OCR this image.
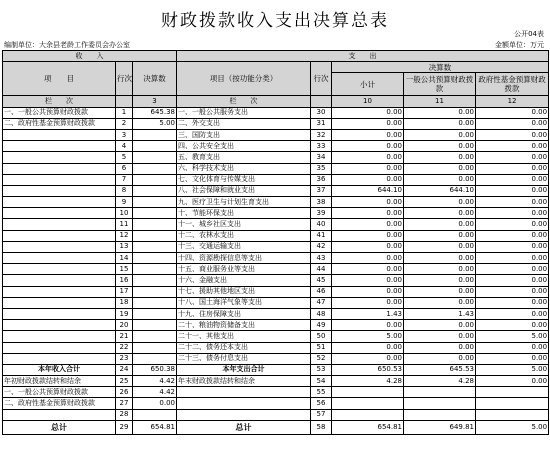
财政拨款收入支出决算总表
公开04表
编制单位：大余县老龄工作委员会办公室	金额单位：万元
收　　入			支　　出				
项　　目	行次	决算数	项目（按功能分类）	行次	决算数		
					小计	一般公共预算财政拨款	政府性基金预算财政拨款
栏　　次		3	栏　　次		10	11	12
一、一般公共预算财政拨款	1	645.38	一、一般公共服务支出	30	0.00	0.00	0.00
二、政府性基金预算财政拨款	2	5.00	二、外交支出	31	0.00	0.00	0.00
	3		三、国防支出	32	0.00	0.00	0.00
	4		四、公共安全支出	33	0.00	0.00	0.00
	5		五、教育支出	34	0.00	0.00	0.00
	6		六、科学技术支出	35	0.00	0.00	0.00
	7		七、文化体育与传媒支出	36	0.00	0.00	0.00
	8		八、社会保障和就业支出	37	644.10	644.10	0.00
	9		九、医疗卫生与计划生育支出	38	0.00	0.00	0.00
	10		十、节能环保支出	39	0.00	0.00	0.00
	11		十一、城乡社区支出	40	0.00	0.00	0.00
	12		十二、农林水支出	41	0.00	0.00	0.00
	13		十三、交通运输支出	42	0.00	0.00	0.00
	14		十四、资源勘探信息等支出	43	0.00	0.00	0.00
	15		十五、商业服务业等支出	44	0.00	0.00	0.00
	16		十六、金融支出	45	0.00	0.00	0.00
	17		十七、援助其他地区支出	46	0.00	0.00	0.00
	18		十八、国土海洋气象等支出	47	0.00	0.00	0.00
	19		十九、住房保障支出	48	1.43	1.43	0.00
	20		二十、粮油物资储备支出	49	0.00	0.00	0.00
	21		二十一、其他支出	50	5.00	0.00	5.00
	22		二十二、债务还本支出	51	0.00	0.00	0.00
	23		二十三、债务付息支出	52	0.00	0.00	0.00
本年收入合计	24	650.38	本年支出合计	53	650.53	645.53	5.00
年初财政拨款结转和结余	25	4.42	年末财政拨款结转和结余	54	4.28	4.28	0.00
一、一般公共预算财政拨款	26	4.42		55			
二、政府性基金预算财政拨款	27	0.00		56			
	28			57			
总计	29	654.81	总计	58	654.81	649.81	5.00
